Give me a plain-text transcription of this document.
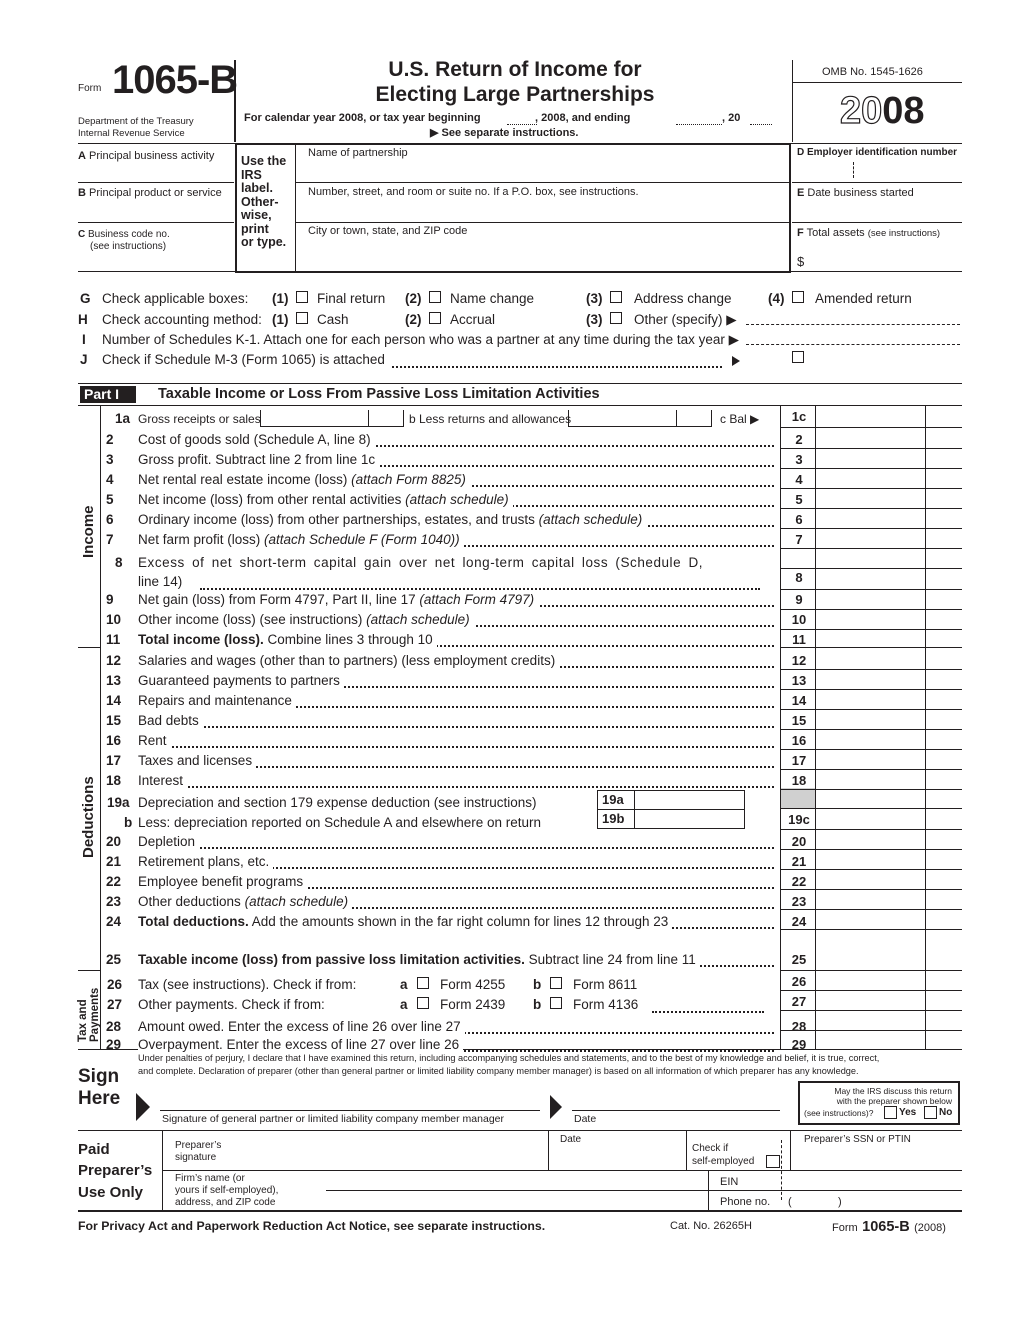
Form 1065-B
Department of the Treasury
Internal Revenue Service
U.S. Return of Income for
Electing Large Partnerships
For calendar year 2008, or tax year beginning	, 2008, and ending	, 20
▶ See separate instructions.
OMB No. 1545-1626
2008
A Principal business activity
B Principal product or service
C Business code no.
(see instructions)
Use the
IRS
label.
Other-
wise,
print
or type.
Name of partnership
Number, street, and room or suite no. If a P.O. box, see instructions.
City or town, state, and ZIP code
D Employer identification number
E Date business started
F Total assets (see instructions)
$
G Check applicable boxes: (1) Final return (2) Name change	(3) Address change	(4) Amended return
H Check accounting method: (1) Cash	(2) Accrual	(3) Other (specify) ▶
I Number of Schedules K-1. Attach one for each person who was a partner at any time during the tax year ▶
J Check if Schedule M-3 (Form 1065) is attached
Part I	Taxable Income or Loss From Passive Loss Limitation Activities
Income
Deductions
Tax and Payments
1a Gross receipts or sales	b Less returns and allowances	c Bal ▶	1c
2	Cost of goods sold (Schedule A, line 8)	2
3	Gross profit. Subtract line 2 from line 1c	3
4	Net rental real estate income (loss) (attach Form 8825)	4
5	Net income (loss) from other rental activities (attach schedule)	5
6	Ordinary income (loss) from other partnerships, estates, and trusts (attach schedule)	6
7	Net farm profit (loss) (attach Schedule F (Form 1040))	7
9	Net gain (loss) from Form 4797, Part II, line 17 (attach Form 4797)	9
10	Other income (loss) (see instructions) (attach schedule)	10
11	Total income (loss). Combine lines 3 through 10	11
12	Salaries and wages (other than to partners) (less employment credits)	12
13	Guaranteed payments to partners	13
14	Repairs and maintenance	14
15	Bad debts	15
16	Rent	16
17	Taxes and licenses	17
18	Interest	18
20	Depletion	20
21	Retirement plans, etc.	21
22	Employee benefit programs	22
23	Other deductions (attach schedule)	23
24	Total deductions. Add the amounts shown in the far right column for lines 12 through 23	24
25	Taxable income (loss) from passive loss limitation activities. Subtract line 24 from line 11	25
28	Amount owed. Enter the excess of line 26 over line 27	28
29	Overpayment. Enter the excess of line 27 over line 26	29
8 Excess of net short-term capital gain over net long-term capital loss (Schedule D,
line 14)	8
19a Depreciation and section 179 expense deduction (see instructions)
b Less: depreciation reported on Schedule A and elsewhere on return
19a
19b	19c
26 Tax (see instructions). Check if from:	a Form 4255 b Form 8611	26
27 Other payments. Check if from:	a Form 2439 b Form 4136	27
Under penalties of perjury, I declare that I have examined this return, including accompanying schedules and statements, and to the best of my knowledge and belief, it is true, correct,
and complete. Declaration of preparer (other than general partner or limited liability company member manager) is based on all information of which preparer has any knowledge.
Sign
Here
Signature of general partner or limited liability company member manager	Date
May the IRS discuss this return
with the preparer shown below
(see instructions)?	Yes No
Paid
Preparer’s
Use Only
Preparer’s
signature
Date
Check if
self-employed
Preparer’s SSN or PTIN
Firm’s name (or
yours if self-employed),
address, and ZIP code
EIN
Phone no. (	)
For Privacy Act and Paperwork Reduction Act Notice, see separate instructions.	Cat. No. 26265H	Form 1065-B (2008)
